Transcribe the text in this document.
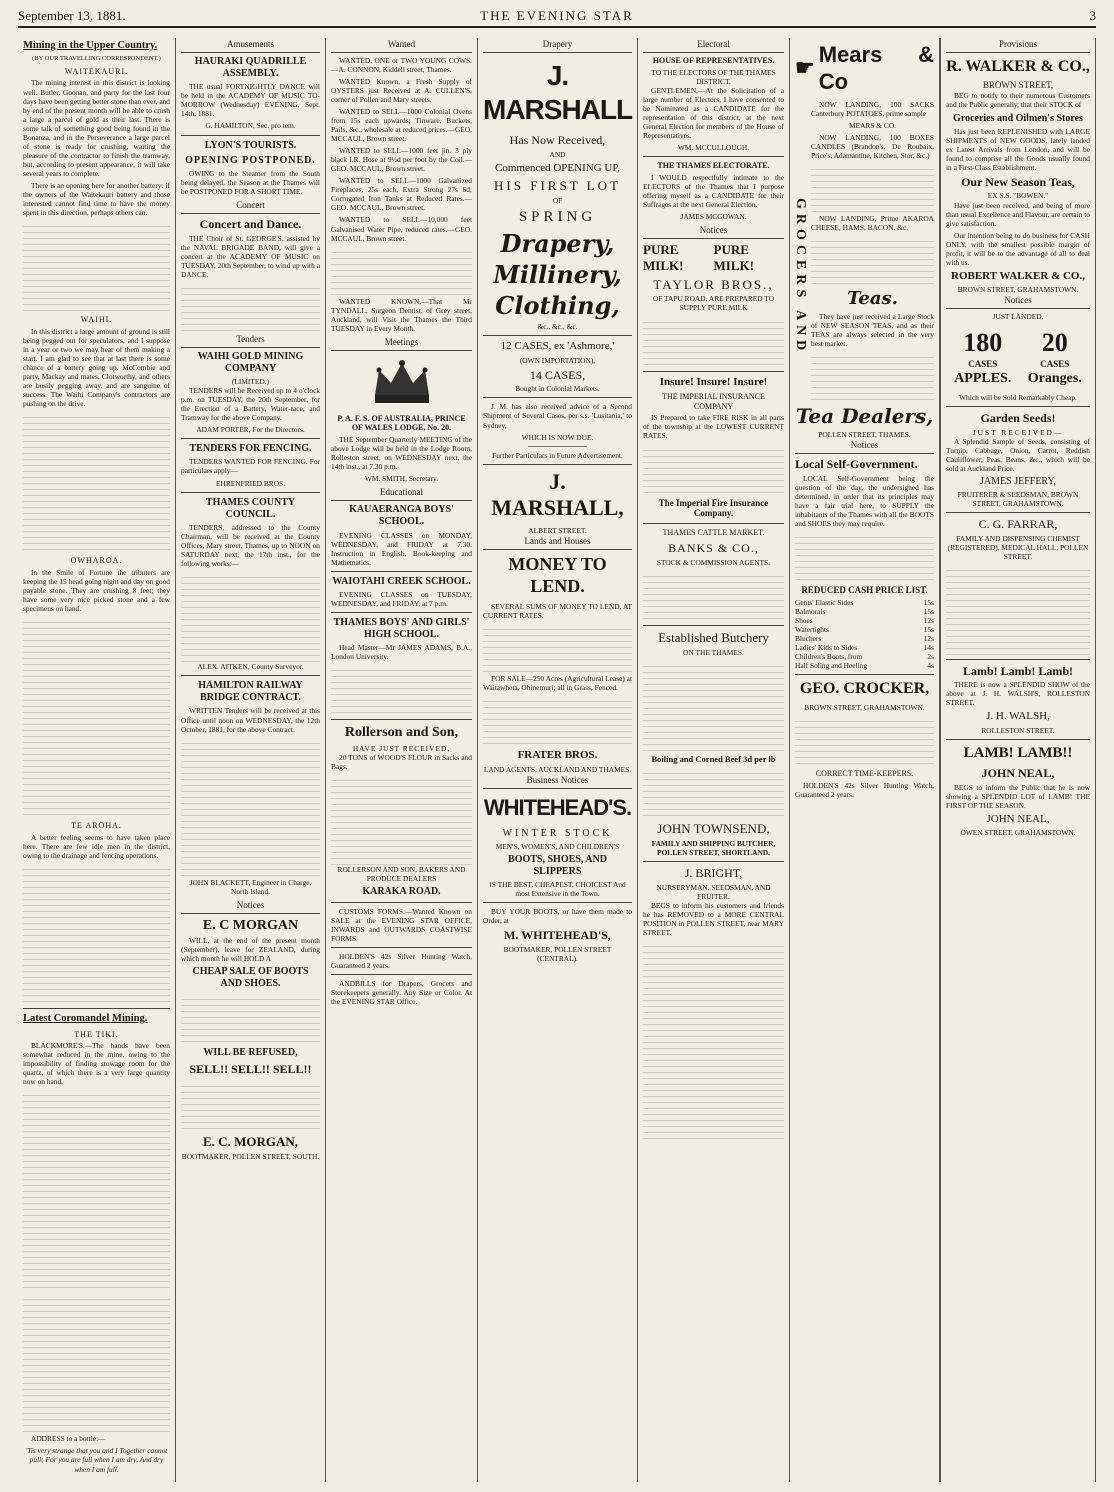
September 13, 1881.	THE EVENING STAR	3
Mining in the Upper Country.
(BY OUR TRAVELLING CORRESPONDENT.)
WAITEKAURI.

The mining interest in this district is looking well. Butler, Goonan, and party for the last four days have been getting better stone than ever, and by end of the present month will be able to crush a large a parcel of gold as their last. There is some talk of something good being found in the Bonanza, and in the Perseverance a large parcel of stone is ready for crushing, waiting the pleasure of the contractor to finish the tramway, but, according to present appearance, it will take several years to complete.

There is an opening here for another battery: if the owners of the Waitekauri battery and those interested cannot find time to have the money spent in this direction, perhaps others can.

WAIHI.

In this district a large amount of ground is still being pegged out for speculators, and I suppose in a year or two we may hear of them making a start. I am glad to see that at last there is some chance of a battery going up. McCombie and party, Mackay and mates, Clotworthy, and others are busily pegging away, and are sanguine of success. The Waihi Company's contractors are pushing on the drive.

OWHAROA.

In the Smile of Fortune the tributers are keeping the 15 head going night and day on good payable stone. They are crushing 8 feet; they have some very nice picked stone and a few specimens on hand.

TE AROHA.

A better feeling seems to have taken place here. There are few idle men in the district, owing to the drainage and fencing operations.

Latest Coromandel Mining.
THE TIKI.

BLACKMORE'S.—The hands have been somewhat reduced in the mine, owing to the impossibility of finding stowage room for the quartz, of which there is a very large quantity now on hand.

ADDRESS to a bottle:—

'Tis very strange that you and I Together cannot pull; For you are full when I am dry, And dry when I am full.

Amusements
HAURAKI QUADRILLE ASSEMBLY.

THE usual FORTNIGHTLY DANCE will be held in the ACADEMY OF MUSIC TO-MORROW (Wednesday) EVENING, Sept. 14th, 1881.

G. HAMILTON, Sec. pro tem.

LYON'S TOURISTS.
OPENING POSTPONED.

OWING to the Steamer from the South being delayed, the Season at the Thames will be POSTPONED FOR A SHORT TIME.

Concert
Concert and Dance.

THE Choir of St. GEORGE'S, assisted by the NAVAL BRIGADE BAND, will give a concert at the ACADEMY OF MUSIC on TUESDAY, 20th September, to wind up with a DANCE.

Tenders
WAIHI GOLD MINING COMPANY
(LIMITED.)

TENDERS will be Received up to 4 o'clock p.m. on TUESDAY, the 20th September, for the Erection of a Battery, Water-race, and Tramway for the above Company.

ADAM PORTER, For the Directors.

TENDERS FOR FENCING.

TENDERS WANTED FOR FENCING. For particulars apply—

EHRENFRIED BROS.

THAMES COUNTY COUNCIL.

TENDERS, addressed to the County Chairman, will be received at the County Offices, Mary street, Thames, up to NOON on SATURDAY next, the 17th inst., for the following works:—

ALEX. AITKEN, County Surveyor.

HAMILTON RAILWAY BRIDGE CONTRACT.

WRITTEN Tenders will be received at this Office until noon on WEDNESDAY, the 12th October, 1881, for the above Contract.

JOHN BLACKETT, Engineer in Charge, North Island.

Notices
E. C MORGAN

WILL, at the end of the present month (September), leave for ZEALAND, during which month he will HOLD A

CHEAP SALE OF BOOTS AND SHOES.
WILL BE REFUSED,
SELL!! SELL!! SELL!!
E. C. MORGAN,

BOOTMAKER, POLLEN STREET, SOUTH.

Wanted

WANTED, ONE or TWO YOUNG COWS.—A. CONNON, Kiddell street, Thames.

WANTED Known, a Fresh Supply of OYSTERS just Received at A. CULLEN'S, corner of Pollen and Mary streets.

WANTED to SELL—1000 Colonial Ovens from 15s each upwards; Tinware, Buckets, Pails, &c., wholesale at reduced prices.—GEO. MCCAUL, Brown street.

WANTED to SELL—1000 feet jin. 3 ply black I.R. Hose at 9½d per foot by the Coil.—GEO. MCCAUL, Brown street.

WANTED to SELL—1000 Galvanized Fireplaces, 25s each, Extra Strong 27s 6d; Corrugated Iron Tanks at Reduced Rates.—GEO. MCCAUL, Brown street.

WANTED to SELL—10,000 feet Galvanised Water Pipe, reduced rates.—GEO. MCCAUL, Brown street.

WANTED KNOWN,—That Mr TYNDALL, Surgeon Dentist, of Grey street, Auckland, will Visit the Thames the Third TUESDAY in Every Month.

Meetings
P. A. F. S. OF AUSTRALIA, PRINCE OF WALES LODGE, No. 20.

THE September Quarterly MEETING of the above Lodge will be held in the Lodge Room, Rolleston street, on WEDNESDAY next, the 14th inst., at 7.30 p.m.

WM. SMITH, Secretary.

Educational
KAUAERANGA BOYS' SCHOOL.

EVENING CLASSES on MONDAY, WEDNESDAY, and FRIDAY at 7.30. Instruction in English, Book-keeping and Mathematics.

WAIOTAHI CREEK SCHOOL.

EVENING CLASSES on TUESDAY, WEDNESDAY, and FRIDAY, at 7 p.m.

THAMES BOYS' AND GIRLS' HIGH SCHOOL.

Head Master—Mr JAMES ADAMS, B.A., London University.

Rollerson and Son,
HAVE JUST RECEIVED,

20 TONS of WOOD'S FLOUR in Sacks and Bags.

ROLLERSON AND SON, BAKERS AND PRODUCE DEALERS

KARAKA ROAD.

CUSTOMS FORMS.—Wanted Known on SALE at the EVENING STAR OFFICE, INWARDS and OUTWARDS COASTWISE FORMS.

HOLDEN'S 42s Silver Hunting Watch, Guaranteed 2 years.

ANDBILLS for Drapers, Grocers and Storekeepers generally. Any Size or Color. At the EVENING STAR Office.

Drapery
J. MARSHALL
Has Now Received,
AND
Commenced OPENING UP,
HIS FIRST LOT
OF
SPRING
Drapery,
Millinery,
Clothing,
&c., &c., &c.
12 CASES, ex 'Ashmore,'
(OWN IMPORTATION),
14 CASES,
Bought in Colonial Markets.

J. M. has also received advice of a Second Shipment of Several Cases, per s.s. 'Lusitania,' to Sydney,

WHICH IS NOW DUE.

Further Particulars in Future Advertisement.

J. MARSHALL,
ALBERT STREET.
Lands and Houses
MONEY TO LEND.

SEVERAL SUMS OF MONEY TO LEND, AT CURRENT RATES.

FOR SALE—250 Acres (Agricultural Lease) at Waitawheta, Ohinemuri; all in Grass, Fenced.

FRATER BROS.
LAND AGENTS, AUCKLAND AND THAMES.
Business Notices
WHITEHEAD'S.
WINTER STOCK
MEN'S, WOMEN'S, AND CHILDREN'S
BOOTS, SHOES, AND SLIPPERS
IS THE BEST, CHEAPEST, CHOICEST And most Extensive in the Town.

BUY YOUR BOOTS, or have them made to Order, at

M. WHITEHEAD'S,
BOOTMAKER, POLLEN STREET (CENTRAL).
Electoral
HOUSE OF REPRESENTATIVES.
TO THE ELECTORS OF THE THAMES DISTRICT.

GENTLEMEN,—At the Solicitation of a large number of Electors, I have consented to be Nominated as a CANDIDATE for the representation of this district, at the next General Election for members of the House of Representatives.

WM. MCCULLOUGH.

THE THAMES ELECTORATE.

I WOULD respectfully intimate to the ELECTORS of the Thames that I purpose offering myself as a CANDIDATE for their Suffrages at the next General Election.

JAMES MCGOWAN.

Notices
PURE MILK!
PURE MILK!
TAYLOR BROS.,
OF TAPU ROAD, ARE PREPARED TO SUPPLY PURE MILK
Insure! Insure! Insure!
THE IMPERIAL INSURANCE COMPANY

IS Prepared to take FIRE RISK in all parts of the township at the LOWEST CURRENT RATES.

The Imperial Fire Insurance Company.
THAMES CATTLE MARKET.
BANKS & CO.,
STOCK & COMMISSION AGENTS.
Established Butchery
ON THE THAMES.
Boiling and Corned Beef 3d per lb
JOHN TOWNSEND,
FAMILY AND SHIPPING BUTCHER, POLLEN STREET, SHORTLAND.
J. BRIGHT,
NURSERYMAN, SEEDSMAN, AND FRUITER.

BEGS to inform his customers and friends he has REMOVED to a MORE CENTRAL POSITION in POLLEN STREET, near MARY STREET.

☛
Mears & Co
GROCERS AND

NOW LANDING, 100 SACKS Canterbury POTATOES, prime sample

MEARS & CO.

NOW LANDING, 100 BOXES CANDLES (Brandon's, De Roubaix, Price's, Adamantine, Kitchen, Stor, &c.)

NOW LANDING, Prime AKAROA CHEESE, HAMS, BACON, &c.

Teas.

They have just received a Large Stock of NEW SEASON TEAS, and as their TEAS are always selected in the very best market.

Tea Dealers,
POLLEN STREET, THAMES.
Notices
Local Self-Government.

LOCAL Self-Government being the question of the day, the undersigned has determined, in order that its principles may have a fair trial here, to SUPPLY the inhabitants of the Thames with all the BOOTS and SHOES they may require.

REDUCED CASH PRICE LIST.
Gents' Elastic Sides	15s
Balmorals	15s
Shoes	12s
Watertights	15s
Bluchers	12s
Ladies' Kids to Sides	14s
Children's Boots, from	2s
Half Soling and Heeling	4s
GEO. CROCKER,
BROWN STREET, GRAHAMSTOWN.
CORRECT TIME-KEEPERS.

HOLDEN'S 42s Silver Hunting Watch, Guaranteed 2 years.

Provisions
R. WALKER & CO.,
BROWN STREET,

BEG to notify to their numerous Customers and the Public generally, that their STOCK of

Groceries and Oilmen's Stores

Has just been REPLENISHED with LARGE SHIPMENTS of NEW GOODS, lately landed ex Latest Arrivals from London, and will be found to comprise all the Goods usually found in a First-Class Establishment.

Our New Season Teas,
EX S.S. "BOWEN,"

Have just been received, and being of more than usual Excellence and Flavour, are certain to give satisfaction.

Our intention being to do business for CASH ONLY, with the smallest possible margin of profit, it will be to the advantage of all to deal with us.

ROBERT WALKER & CO.,
BROWN STREET, GRAHAMSTOWN.
Notices
JUST LANDED,
180
CASES
APPLES.
20
CASES
Oranges.
Which will be Sold Remarkably Cheap.
Garden Seeds!
JUST RECEIVED—

A Splendid Sample of Seeds, consisting of Turnip, Cabbage, Onion, Carrot, Reddish Cauliflower, Peas, Beans, &c., which will be sold at Auckland Price.

JAMES JEFFERY,
FRUITERER & SEEDSMAN, BROWN STREET, GRAHAMSTOWN.
C. G. FARRAR,
FAMILY AND DISPENSING CHEMIST (REGISTERED), MEDICAL HALL, POLLEN STREET.
Lamb! Lamb! Lamb!

THERE is now a SPLENDID SHOW of the above at J. H. WALSH'S, ROLLESTON STREET.

J. H. WALSH,
ROLLESTON STREET.
LAMB! LAMB!!
JOHN NEAL,

BEGS to inform the Public that he is now showing a SPLENDID LOT of LAMB! THE FIRST OF THE SEASON.

JOHN NEAL,
OWEN STREET, GRAHAMSTOWN.
